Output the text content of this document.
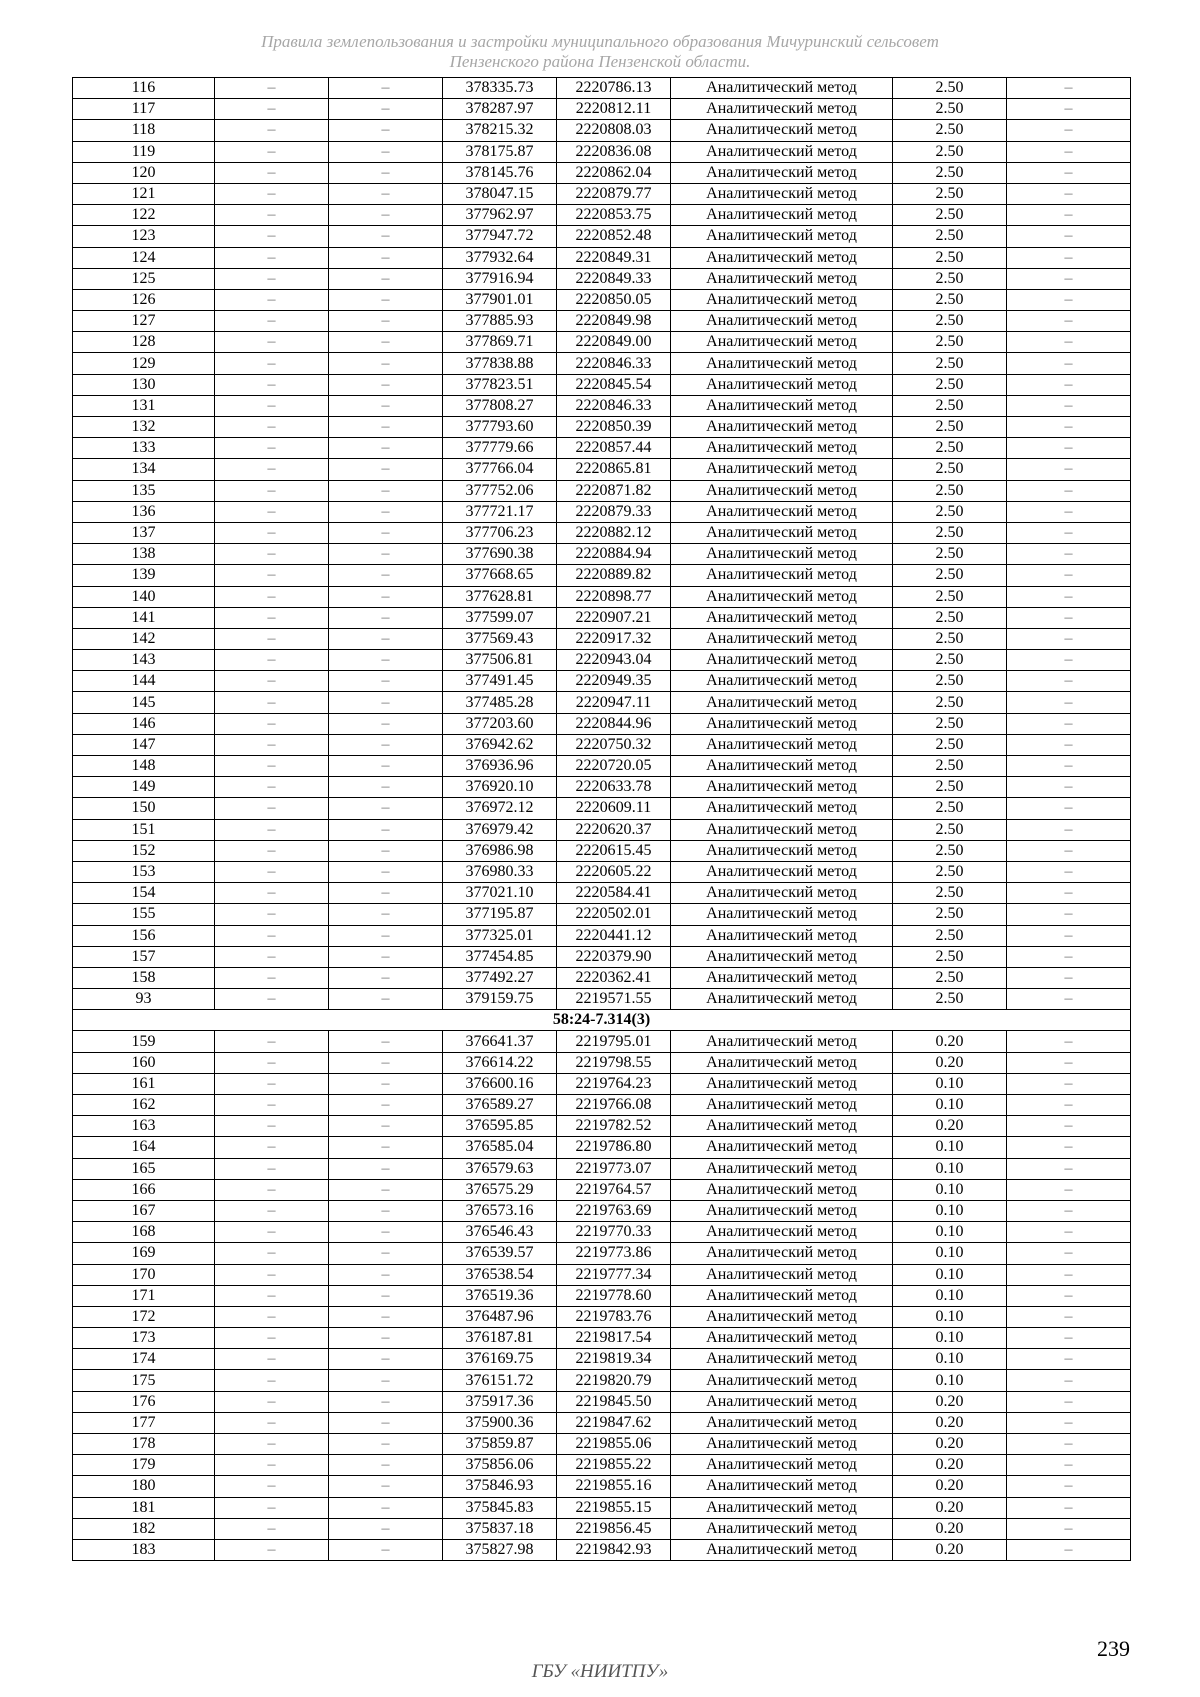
Правила землепользования и застройки муниципального образования Мичуринский сельсовет
Пензенского района Пензенской области.
116	–	–	378335.73	2220786.13	Аналитический метод	2.50	–
117	–	–	378287.97	2220812.11	Аналитический метод	2.50	–
118	–	–	378215.32	2220808.03	Аналитический метод	2.50	–
119	–	–	378175.87	2220836.08	Аналитический метод	2.50	–
120	–	–	378145.76	2220862.04	Аналитический метод	2.50	–
121	–	–	378047.15	2220879.77	Аналитический метод	2.50	–
122	–	–	377962.97	2220853.75	Аналитический метод	2.50	–
123	–	–	377947.72	2220852.48	Аналитический метод	2.50	–
124	–	–	377932.64	2220849.31	Аналитический метод	2.50	–
125	–	–	377916.94	2220849.33	Аналитический метод	2.50	–
126	–	–	377901.01	2220850.05	Аналитический метод	2.50	–
127	–	–	377885.93	2220849.98	Аналитический метод	2.50	–
128	–	–	377869.71	2220849.00	Аналитический метод	2.50	–
129	–	–	377838.88	2220846.33	Аналитический метод	2.50	–
130	–	–	377823.51	2220845.54	Аналитический метод	2.50	–
131	–	–	377808.27	2220846.33	Аналитический метод	2.50	–
132	–	–	377793.60	2220850.39	Аналитический метод	2.50	–
133	–	–	377779.66	2220857.44	Аналитический метод	2.50	–
134	–	–	377766.04	2220865.81	Аналитический метод	2.50	–
135	–	–	377752.06	2220871.82	Аналитический метод	2.50	–
136	–	–	377721.17	2220879.33	Аналитический метод	2.50	–
137	–	–	377706.23	2220882.12	Аналитический метод	2.50	–
138	–	–	377690.38	2220884.94	Аналитический метод	2.50	–
139	–	–	377668.65	2220889.82	Аналитический метод	2.50	–
140	–	–	377628.81	2220898.77	Аналитический метод	2.50	–
141	–	–	377599.07	2220907.21	Аналитический метод	2.50	–
142	–	–	377569.43	2220917.32	Аналитический метод	2.50	–
143	–	–	377506.81	2220943.04	Аналитический метод	2.50	–
144	–	–	377491.45	2220949.35	Аналитический метод	2.50	–
145	–	–	377485.28	2220947.11	Аналитический метод	2.50	–
146	–	–	377203.60	2220844.96	Аналитический метод	2.50	–
147	–	–	376942.62	2220750.32	Аналитический метод	2.50	–
148	–	–	376936.96	2220720.05	Аналитический метод	2.50	–
149	–	–	376920.10	2220633.78	Аналитический метод	2.50	–
150	–	–	376972.12	2220609.11	Аналитический метод	2.50	–
151	–	–	376979.42	2220620.37	Аналитический метод	2.50	–
152	–	–	376986.98	2220615.45	Аналитический метод	2.50	–
153	–	–	376980.33	2220605.22	Аналитический метод	2.50	–
154	–	–	377021.10	2220584.41	Аналитический метод	2.50	–
155	–	–	377195.87	2220502.01	Аналитический метод	2.50	–
156	–	–	377325.01	2220441.12	Аналитический метод	2.50	–
157	–	–	377454.85	2220379.90	Аналитический метод	2.50	–
158	–	–	377492.27	2220362.41	Аналитический метод	2.50	–
93	–	–	379159.75	2219571.55	Аналитический метод	2.50	–
58:24-7.314(3)							
159	–	–	376641.37	2219795.01	Аналитический метод	0.20	–
160	–	–	376614.22	2219798.55	Аналитический метод	0.20	–
161	–	–	376600.16	2219764.23	Аналитический метод	0.10	–
162	–	–	376589.27	2219766.08	Аналитический метод	0.10	–
163	–	–	376595.85	2219782.52	Аналитический метод	0.20	–
164	–	–	376585.04	2219786.80	Аналитический метод	0.10	–
165	–	–	376579.63	2219773.07	Аналитический метод	0.10	–
166	–	–	376575.29	2219764.57	Аналитический метод	0.10	–
167	–	–	376573.16	2219763.69	Аналитический метод	0.10	–
168	–	–	376546.43	2219770.33	Аналитический метод	0.10	–
169	–	–	376539.57	2219773.86	Аналитический метод	0.10	–
170	–	–	376538.54	2219777.34	Аналитический метод	0.10	–
171	–	–	376519.36	2219778.60	Аналитический метод	0.10	–
172	–	–	376487.96	2219783.76	Аналитический метод	0.10	–
173	–	–	376187.81	2219817.54	Аналитический метод	0.10	–
174	–	–	376169.75	2219819.34	Аналитический метод	0.10	–
175	–	–	376151.72	2219820.79	Аналитический метод	0.10	–
176	–	–	375917.36	2219845.50	Аналитический метод	0.20	–
177	–	–	375900.36	2219847.62	Аналитический метод	0.20	–
178	–	–	375859.87	2219855.06	Аналитический метод	0.20	–
179	–	–	375856.06	2219855.22	Аналитический метод	0.20	–
180	–	–	375846.93	2219855.16	Аналитический метод	0.20	–
181	–	–	375845.83	2219855.15	Аналитический метод	0.20	–
182	–	–	375837.18	2219856.45	Аналитический метод	0.20	–
183	–	–	375827.98	2219842.93	Аналитический метод	0.20	–
239
ГБУ «НИИТПУ»
